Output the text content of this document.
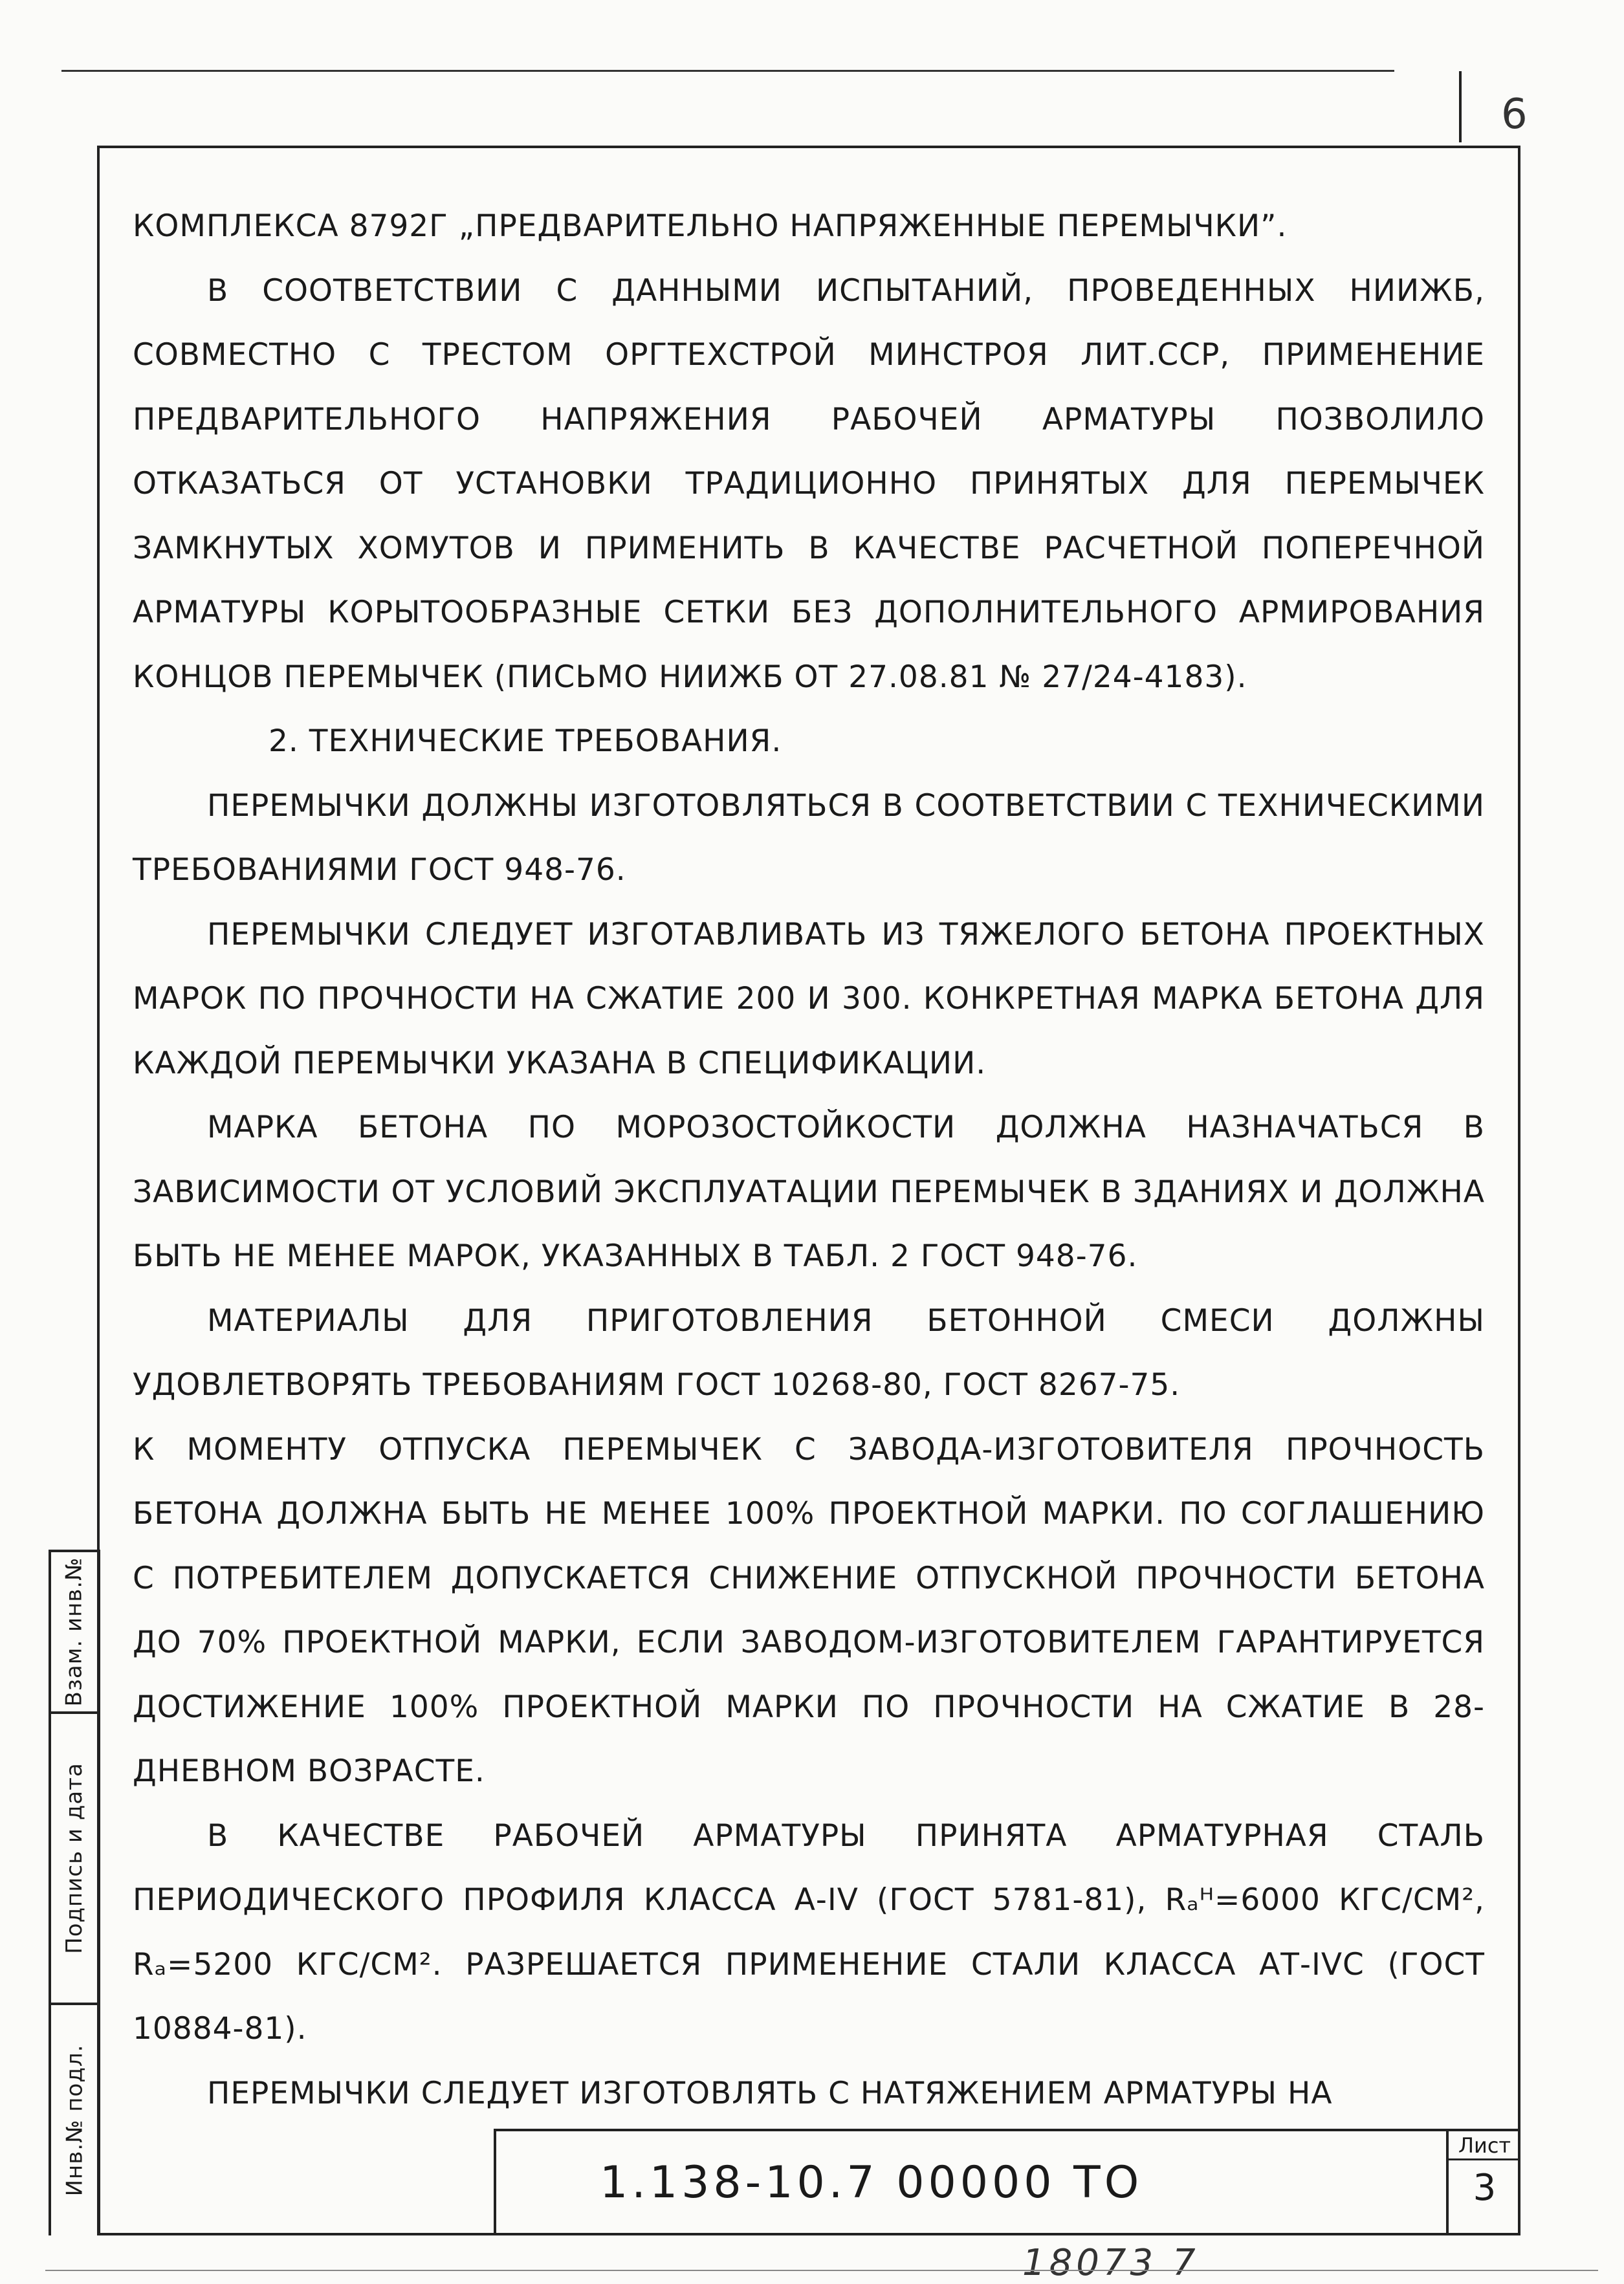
6

КОМПЛЕКСА 8792Г „ПРЕДВАРИТЕЛЬНО НАПРЯЖЕННЫЕ ПЕРЕМЫЧКИ”.

В СООТВЕТСТВИИ С ДАННЫМИ ИСПЫТАНИЙ, ПРОВЕДЕННЫХ НИИЖБ, СОВМЕСТНО С ТРЕСТОМ ОРГТЕХСТРОЙ МИНСТРОЯ ЛИТ.ССР, ПРИМЕНЕНИЕ ПРЕДВАРИТЕЛЬНОГО НАПРЯЖЕНИЯ РАБОЧЕЙ АРМАТУРЫ ПОЗВОЛИЛО ОТКАЗАТЬСЯ ОТ УСТАНОВКИ ТРАДИЦИОННО ПРИНЯТЫХ ДЛЯ ПЕРЕМЫЧЕК ЗАМКНУТЫХ ХОМУТОВ И ПРИМЕНИТЬ В КАЧЕСТВЕ РАСЧЕТНОЙ ПОПЕРЕЧНОЙ АРМАТУРЫ КОРЫТООБРАЗНЫЕ СЕТКИ БЕЗ ДОПОЛНИТЕЛЬНОГО АРМИРОВАНИЯ КОНЦОВ ПЕРЕМЫЧЕК (ПИСЬМО НИИЖБ ОТ 27.08.81 № 27/24-4183).

2. ТЕХНИЧЕСКИЕ ТРЕБОВАНИЯ.

ПЕРЕМЫЧКИ ДОЛЖНЫ ИЗГОТОВЛЯТЬСЯ В СООТВЕТСТВИИ С ТЕХНИЧЕСКИМИ ТРЕБОВАНИЯМИ ГОСТ 948-76.

ПЕРЕМЫЧКИ СЛЕДУЕТ ИЗГОТАВЛИВАТЬ ИЗ ТЯЖЕЛОГО БЕТОНА ПРОЕКТНЫХ МАРОК ПО ПРОЧНОСТИ НА СЖАТИЕ 200 И 300. КОНКРЕТНАЯ МАРКА БЕТОНА ДЛЯ КАЖДОЙ ПЕРЕМЫЧКИ УКАЗАНА В СПЕЦИФИКАЦИИ.

МАРКА БЕТОНА ПО МОРОЗОСТОЙКОСТИ ДОЛЖНА НАЗНАЧАТЬСЯ В ЗАВИСИМОСТИ ОТ УСЛОВИЙ ЭКСПЛУАТАЦИИ ПЕРЕМЫЧЕК В ЗДАНИЯХ И ДОЛЖНА БЫТЬ НЕ МЕНЕЕ МАРОК, УКАЗАННЫХ В ТАБЛ. 2 ГОСТ 948-76.

МАТЕРИАЛЫ ДЛЯ ПРИГОТОВЛЕНИЯ БЕТОННОЙ СМЕСИ ДОЛЖНЫ УДОВЛЕТВОРЯТЬ ТРЕБОВАНИЯМ ГОСТ 10268-80, ГОСТ 8267-75.

К МОМЕНТУ ОТПУСКА ПЕРЕМЫЧЕК С ЗАВОДА-ИЗГОТОВИТЕЛЯ ПРОЧНОСТЬ БЕТОНА ДОЛЖНА БЫТЬ НЕ МЕНЕЕ 100% ПРОЕКТНОЙ МАРКИ. ПО СОГЛАШЕНИЮ С ПОТРЕБИТЕЛЕМ ДОПУСКАЕТСЯ СНИЖЕНИЕ ОТПУСКНОЙ ПРОЧНОСТИ БЕТОНА ДО 70% ПРОЕКТНОЙ МАРКИ, ЕСЛИ ЗАВОДОМ-ИЗГОТОВИТЕЛЕМ ГАРАНТИРУЕТСЯ ДОСТИЖЕНИЕ 100% ПРОЕКТНОЙ МАРКИ ПО ПРОЧНОСТИ НА СЖАТИЕ В 28-ДНЕВНОМ ВОЗРАСТЕ.

В КАЧЕСТВЕ РАБОЧЕЙ АРМАТУРЫ ПРИНЯТА АРМАТУРНАЯ СТАЛЬ ПЕРИОДИЧЕСКОГО ПРОФИЛЯ КЛАССА А-IV (ГОСТ 5781-81), Rₐᴴ=6000 КГС/СМ², Rₐ=5200 КГС/СМ². РАЗРЕШАЕТСЯ ПРИМЕНЕНИЕ СТАЛИ КЛАССА АТ-IVС (ГОСТ 10884-81).

ПЕРЕМЫЧКИ СЛЕДУЕТ ИЗГОТОВЛЯТЬ С НАТЯЖЕНИЕМ АРМАТУРЫ НА

Инв.№ подл.
Подпись и дата
Взам. инв.№
1.138-10.7 00000 ТО
Лист
3
18073 7
